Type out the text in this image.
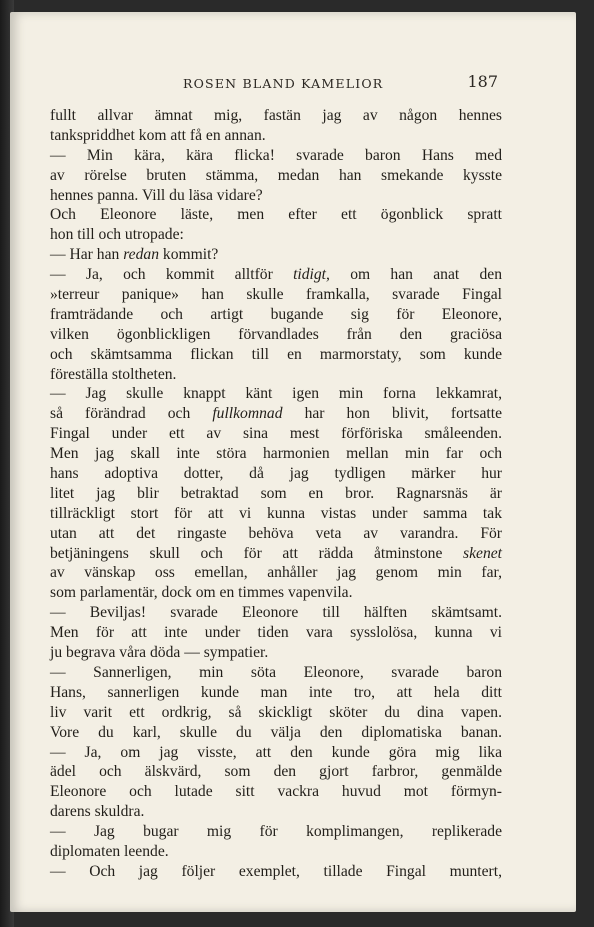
ROSEN BLAND KAMELIOR	187
fullt allvar ämnat mig, fastän jag av någon hennes
tankspriddhet kom att få en annan.
— Min kära, kära flicka! svarade baron Hans med
av rörelse bruten stämma, medan han smekande kysste
hennes panna. Vill du läsa vidare?
Och Eleonore läste, men efter ett ögonblick spratt
hon till och utropade:
— Har han redan kommit?
— Ja, och kommit alltför tidigt, om han anat den
»terreur panique» han skulle framkalla, svarade Fingal
framträdande och artigt bugande sig för Eleonore,
vilken ögonblickligen förvandlades från den graciösa
och skämtsamma flickan till en marmorstaty, som kunde
föreställa stoltheten.
— Jag skulle knappt känt igen min forna lekkamrat,
så förändrad och fullkomnad har hon blivit, fortsatte
Fingal under ett av sina mest förföriska småleenden.
Men jag skall inte störa harmonien mellan min far och
hans adoptiva dotter, då jag tydligen märker hur
litet jag blir betraktad som en bror. Ragnarsnäs är
tillräckligt stort för att vi kunna vistas under samma tak
utan att det ringaste behöva veta av varandra. För
betjäningens skull och för att rädda åtminstone skenet
av vänskap oss emellan, anhåller jag genom min far,
som parlamentär, dock om en timmes vapenvila.
— Beviljas! svarade Eleonore till hälften skämtsamt.
Men för att inte under tiden vara sysslolösa, kunna vi
ju begrava våra döda — sympatier.
— Sannerligen, min söta Eleonore, svarade baron
Hans, sannerligen kunde man inte tro, att hela ditt
liv varit ett ordkrig, så skickligt sköter du dina vapen.
Vore du karl, skulle du välja den diplomatiska banan.
— Ja, om jag visste, att den kunde göra mig lika
ädel och älskvärd, som den gjort farbror, genmälde
Eleonore och lutade sitt vackra huvud mot förmyn-
darens skuldra.
— Jag bugar mig för komplimangen, replikerade
diplomaten leende.
— Och jag följer exemplet, tillade Fingal muntert,
